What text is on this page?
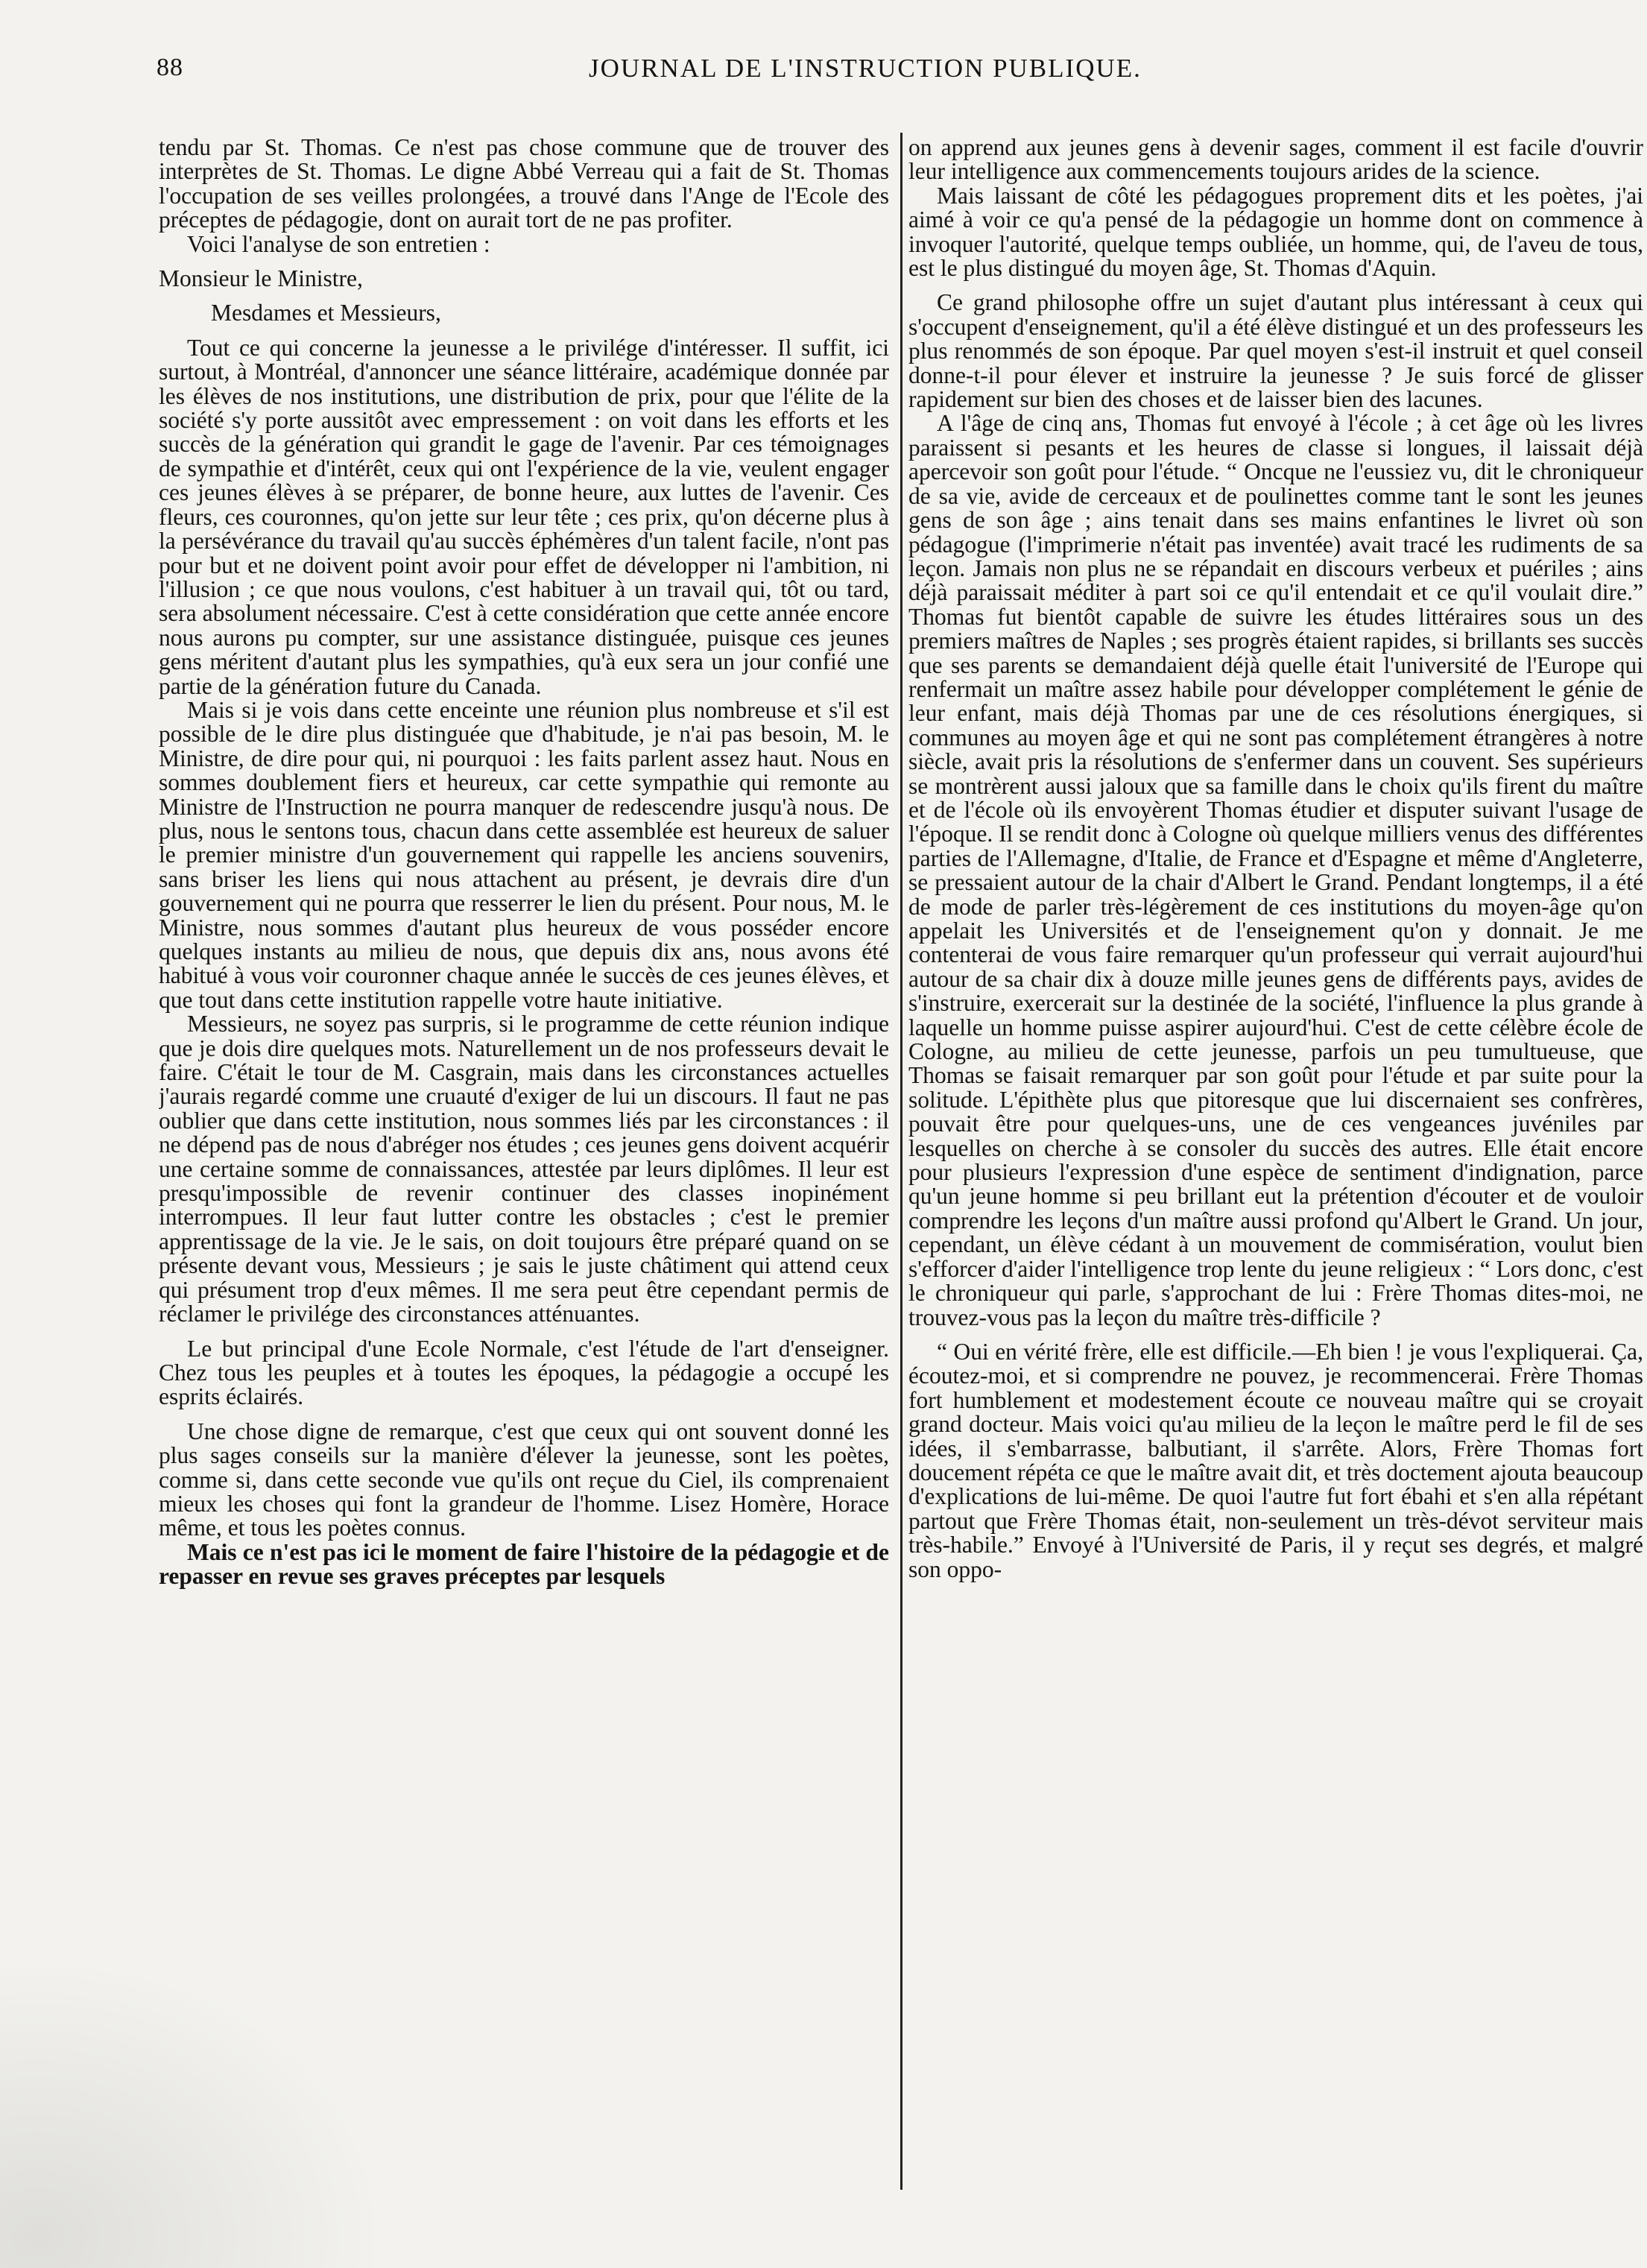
88	JOURNAL DE L'INSTRUCTION PUBLIQUE.

tendu par St. Thomas. Ce n'est pas chose commune que de trouver des interprètes de St. Thomas. Le digne Abbé Verreau qui a fait de St. Thomas l'occupation de ses veilles prolongées, a trouvé dans l'Ange de l'Ecole des préceptes de pédagogie, dont on aurait tort de ne pas profiter.

Voici l'analyse de son entretien :

Monsieur le Ministre,

Mesdames et Messieurs,

Tout ce qui concerne la jeunesse a le privilége d'intéresser. Il suffit, ici surtout, à Montréal, d'annoncer une séance littéraire, académique donnée par les élèves de nos institutions, une distribution de prix, pour que l'élite de la société s'y porte aussitôt avec empressement : on voit dans les efforts et les succès de la génération qui grandit le gage de l'avenir. Par ces témoignages de sympathie et d'intérêt, ceux qui ont l'expérience de la vie, veulent engager ces jeunes élèves à se préparer, de bonne heure, aux luttes de l'avenir. Ces fleurs, ces couronnes, qu'on jette sur leur tête ; ces prix, qu'on décerne plus à la persévérance du travail qu'au succès éphémères d'un talent facile, n'ont pas pour but et ne doivent point avoir pour effet de développer ni l'ambition, ni l'illusion ; ce que nous voulons, c'est habituer à un travail qui, tôt ou tard, sera absolument nécessaire. C'est à cette considération que cette année encore nous aurons pu compter, sur une assistance distinguée, puisque ces jeunes gens méritent d'autant plus les sympathies, qu'à eux sera un jour confié une partie de la génération future du Canada.

Mais si je vois dans cette enceinte une réunion plus nombreuse et s'il est possible de le dire plus distinguée que d'habitude, je n'ai pas besoin, M. le Ministre, de dire pour qui, ni pourquoi : les faits parlent assez haut. Nous en sommes doublement fiers et heureux, car cette sympathie qui remonte au Ministre de l'Instruction ne pourra manquer de redescendre jusqu'à nous. De plus, nous le sentons tous, chacun dans cette assemblée est heureux de saluer le premier ministre d'un gouvernement qui rappelle les anciens souvenirs, sans briser les liens qui nous attachent au présent, je devrais dire d'un gouvernement qui ne pourra que resserrer le lien du présent. Pour nous, M. le Ministre, nous sommes d'autant plus heureux de vous posséder encore quelques instants au milieu de nous, que depuis dix ans, nous avons été habitué à vous voir couronner chaque année le succès de ces jeunes élèves, et que tout dans cette institution rappelle votre haute initiative.

Messieurs, ne soyez pas surpris, si le programme de cette réunion indique que je dois dire quelques mots. Naturellement un de nos professeurs devait le faire. C'était le tour de M. Casgrain, mais dans les circonstances actuelles j'aurais regardé comme une cruauté d'exiger de lui un discours. Il faut ne pas oublier que dans cette institution, nous sommes liés par les circonstances : il ne dépend pas de nous d'abréger nos études ; ces jeunes gens doivent acquérir une certaine somme de connaissances, attestée par leurs diplômes. Il leur est presqu'impossible de revenir continuer des classes inopinément interrompues. Il leur faut lutter contre les obstacles ; c'est le premier apprentissage de la vie. Je le sais, on doit toujours être préparé quand on se présente devant vous, Messieurs ; je sais le juste châtiment qui attend ceux qui présument trop d'eux mêmes. Il me sera peut être cependant permis de réclamer le privilége des circonstances atténuantes.

Le but principal d'une Ecole Normale, c'est l'étude de l'art d'enseigner. Chez tous les peuples et à toutes les époques, la pédagogie a occupé les esprits éclairés.

Une chose digne de remarque, c'est que ceux qui ont souvent donné les plus sages conseils sur la manière d'élever la jeunesse, sont les poètes, comme si, dans cette seconde vue qu'ils ont reçue du Ciel, ils comprenaient mieux les choses qui font la grandeur de l'homme. Lisez Homère, Horace même, et tous les poètes connus.

Mais ce n'est pas ici le moment de faire l'histoire de la pédagogie et de repasser en revue ses graves préceptes par lesquels

on apprend aux jeunes gens à devenir sages, comment il est facile d'ouvrir leur intelligence aux commencements toujours arides de la science.

Mais laissant de côté les pédagogues proprement dits et les poètes, j'ai aimé à voir ce qu'a pensé de la pédagogie un homme dont on commence à invoquer l'autorité, quelque temps oubliée, un homme, qui, de l'aveu de tous, est le plus distingué du moyen âge, St. Thomas d'Aquin.

Ce grand philosophe offre un sujet d'autant plus intéressant à ceux qui s'occupent d'enseignement, qu'il a été élève distingué et un des professeurs les plus renommés de son époque. Par quel moyen s'est-il instruit et quel conseil donne-t-il pour élever et instruire la jeunesse ? Je suis forcé de glisser rapidement sur bien des choses et de laisser bien des lacunes.

A l'âge de cinq ans, Thomas fut envoyé à l'école ; à cet âge où les livres paraissent si pesants et les heures de classe si longues, il laissait déjà apercevoir son goût pour l'étude. “ Oncque ne l'eussiez vu, dit le chroniqueur de sa vie, avide de cerceaux et de poulinettes comme tant le sont les jeunes gens de son âge ; ains tenait dans ses mains enfantines le livret où son pédagogue (l'imprimerie n'était pas inventée) avait tracé les rudiments de sa leçon. Jamais non plus ne se répandait en discours verbeux et puériles ; ains déjà paraissait méditer à part soi ce qu'il entendait et ce qu'il voulait dire.” Thomas fut bientôt capable de suivre les études littéraires sous un des premiers maîtres de Naples ; ses progrès étaient rapides, si brillants ses succès que ses parents se demandaient déjà quelle était l'université de l'Europe qui renfermait un maître assez habile pour développer complétement le génie de leur enfant, mais déjà Thomas par une de ces résolutions énergiques, si communes au moyen âge et qui ne sont pas complétement étrangères à notre siècle, avait pris la résolutions de s'enfermer dans un couvent. Ses supérieurs se montrèrent aussi jaloux que sa famille dans le choix qu'ils firent du maître et de l'école où ils envoyèrent Thomas étudier et disputer suivant l'usage de l'époque. Il se rendit donc à Cologne où quelque milliers venus des différentes parties de l'Allemagne, d'Italie, de France et d'Espagne et même d'Angleterre, se pressaient autour de la chair d'Albert le Grand. Pendant longtemps, il a été de mode de parler très-légèrement de ces institutions du moyen-âge qu'on appelait les Universités et de l'enseignement qu'on y donnait. Je me contenterai de vous faire remarquer qu'un professeur qui verrait aujourd'hui autour de sa chair dix à douze mille jeunes gens de différents pays, avides de s'instruire, exercerait sur la destinée de la société, l'influence la plus grande à laquelle un homme puisse aspirer aujourd'hui. C'est de cette célèbre école de Cologne, au milieu de cette jeunesse, parfois un peu tumultueuse, que Thomas se faisait remarquer par son goût pour l'étude et par suite pour la solitude. L'épithète plus que pitoresque que lui discernaient ses confrères, pouvait être pour quelques-uns, une de ces vengeances juvéniles par lesquelles on cherche à se consoler du succès des autres. Elle était encore pour plusieurs l'expression d'une espèce de sentiment d'indignation, parce qu'un jeune homme si peu brillant eut la prétention d'écouter et de vouloir comprendre les leçons d'un maître aussi profond qu'Albert le Grand. Un jour, cependant, un élève cédant à un mouvement de commisération, voulut bien s'efforcer d'aider l'intelligence trop lente du jeune religieux : “ Lors donc, c'est le chroniqueur qui parle, s'approchant de lui : Frère Thomas dites-moi, ne trouvez-vous pas la leçon du maître très-difficile ?

“ Oui en vérité frère, elle est difficile.—Eh bien ! je vous l'expliquerai. Ça, écoutez-moi, et si comprendre ne pouvez, je recommencerai. Frère Thomas fort humblement et modestement écoute ce nouveau maître qui se croyait grand docteur. Mais voici qu'au milieu de la leçon le maître perd le fil de ses idées, il s'embarrasse, balbutiant, il s'arrête. Alors, Frère Thomas fort doucement répéta ce que le maître avait dit, et très doctement ajouta beaucoup d'explications de lui-même. De quoi l'autre fut fort ébahi et s'en alla répétant partout que Frère Thomas était, non-seulement un très-dévot serviteur mais très-habile.” Envoyé à l'Université de Paris, il y reçut ses degrés, et malgré son oppo-
